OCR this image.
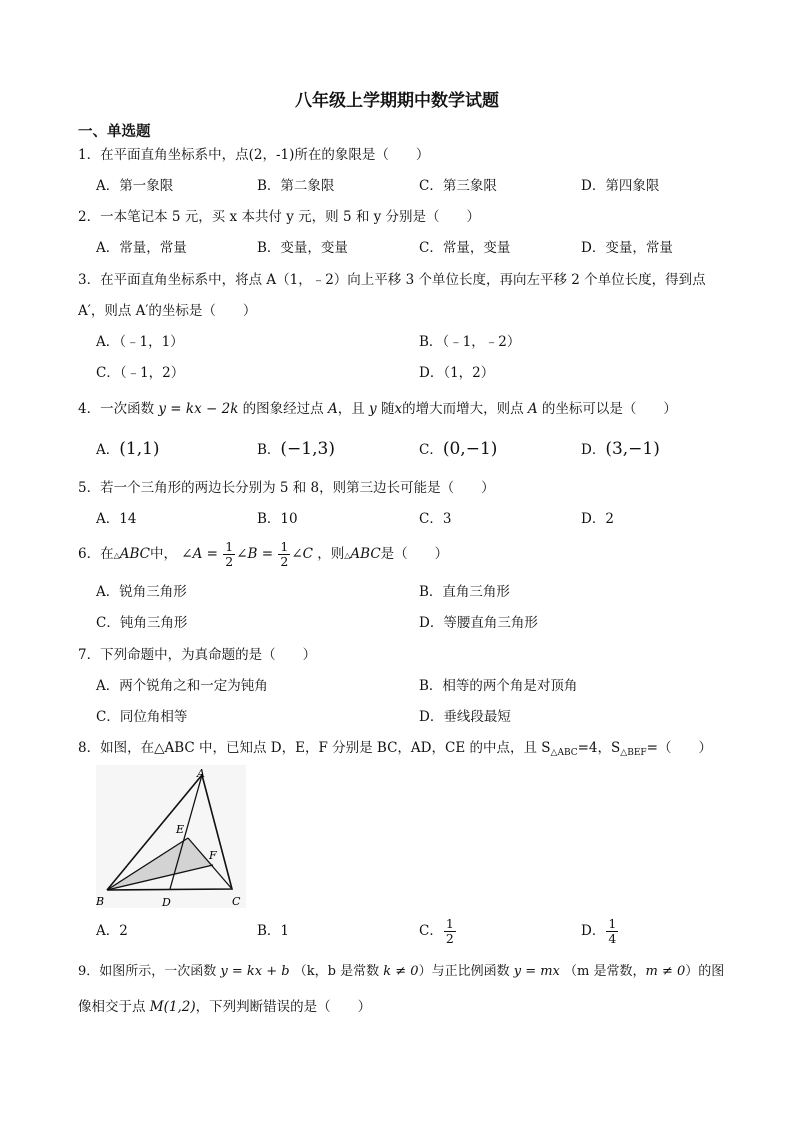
八年级上学期期中数学试题
一、单选题
1．在平面直角坐标系中，点(2，-1)所在的象限是（　　）
A．第一象限	B．第二象限	C．第三象限	D．第四象限
2．一本笔记本 5 元，买 x 本共付 y 元，则 5 和 y 分别是（　　）
A．常量，常量	B．变量，变量	C．常量，变量	D．变量，常量
3．在平面直角坐标系中，将点 A（1，﹣2）向上平移 3 个单位长度，再向左平移 2 个单位长度，得到点
A′，则点 A′的坐标是（　　）
A．（﹣1，1）	B．（﹣1，﹣2）
C．（﹣1，2）	D．（1，2）
4．一次函数 y = kx − 2k 的图象经过点 A，且 y 随x的增大而增大，则点 A 的坐标可以是（　　）
A．(1,1)	B．(−1,3)	C．(0,−1)	D．(3,−1)
5．若一个三角形的两边长分别为 5 和 8，则第三边长可能是（　　）
A．14	B．10	C．3	D．2
6．在△ABC中， ∠A = $\frac{1}{2}$ ∠B = $\frac{1}{2}$ ∠C ，则△ABC是（　　）
A．锐角三角形	B．直角三角形
C．钝角三角形	D．等腰直角三角形
7．下列命题中，为真命题的是（　　）
A．两个锐角之和一定为钝角	B．相等的两个角是对顶角
C．同位角相等	D．垂线段最短
8．如图，在△ABC 中，已知点 D，E，F 分别是 BC，AD，CE 的中点，且 $S_{\triangle ABC}=4$，$S_{\triangle BEF}=$（　　）
A
B	C
D
E
F
A．2	B．1	C． $\frac{1}{2}$	D． $\frac{1}{4}$
9．如图所示，一次函数 y = kx + b （k，b 是常数 k ≠ 0）与正比例函数 y = mx （m 是常数，m ≠ 0）的图
像相交于点 M(1,2)，下列判断错误的是（　　）
